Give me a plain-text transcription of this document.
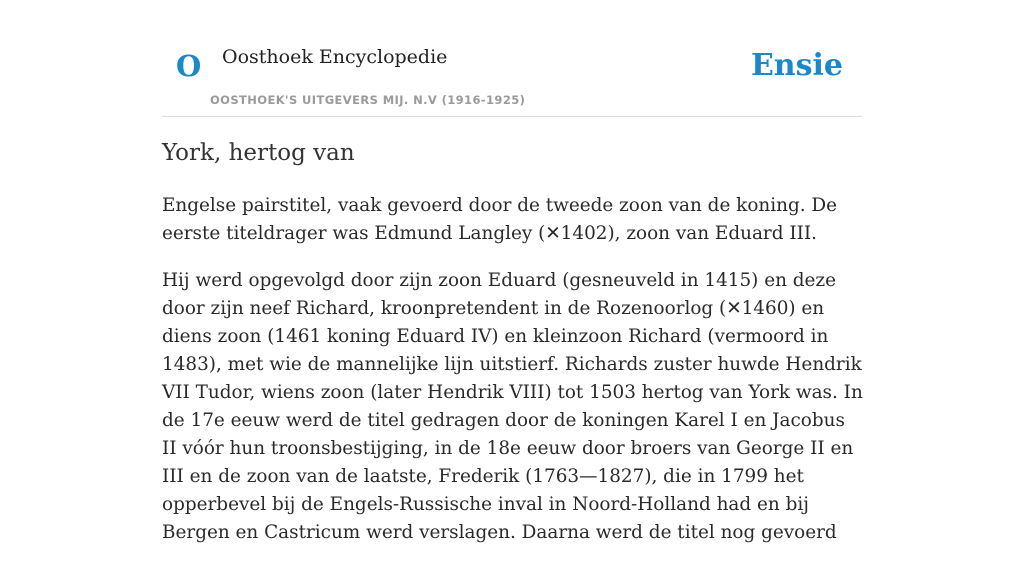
O Oosthoek Encyclopedie
OOSTHOEK'S UITGEVERS MIJ. N.V (1916-1925)
Ensie
York, hertog van

Engelse pairstitel, vaak gevoerd door de tweede zoon van de koning. De eerste titeldrager was Edmund Langley (✕1402), zoon van Eduard III.

Hij werd opgevolgd door zijn zoon Eduard (gesneuveld in 1415) en deze door zijn neef Richard, kroonpretendent in de Rozenoorlog (✕1460) en diens zoon (1461 koning Eduard IV) en kleinzoon Richard (vermoord in 1483), met wie de mannelijke lijn uitstierf. Richards zuster huwde Hendrik VII Tudor, wiens zoon (later Hendrik VIII) tot 1503 hertog van York was. In de 17e eeuw werd de titel gedragen door de koningen Karel I en Jacobus II vóór hun troonsbestijging, in de 18e eeuw door broers van George II en III en de zoon van de laatste, Frederik (1763—1827), die in 1799 het opperbevel bij de Engels-Russische inval in Noord-Holland had en bij Bergen en Castricum werd verslagen. Daarna werd de titel nog gevoerd
